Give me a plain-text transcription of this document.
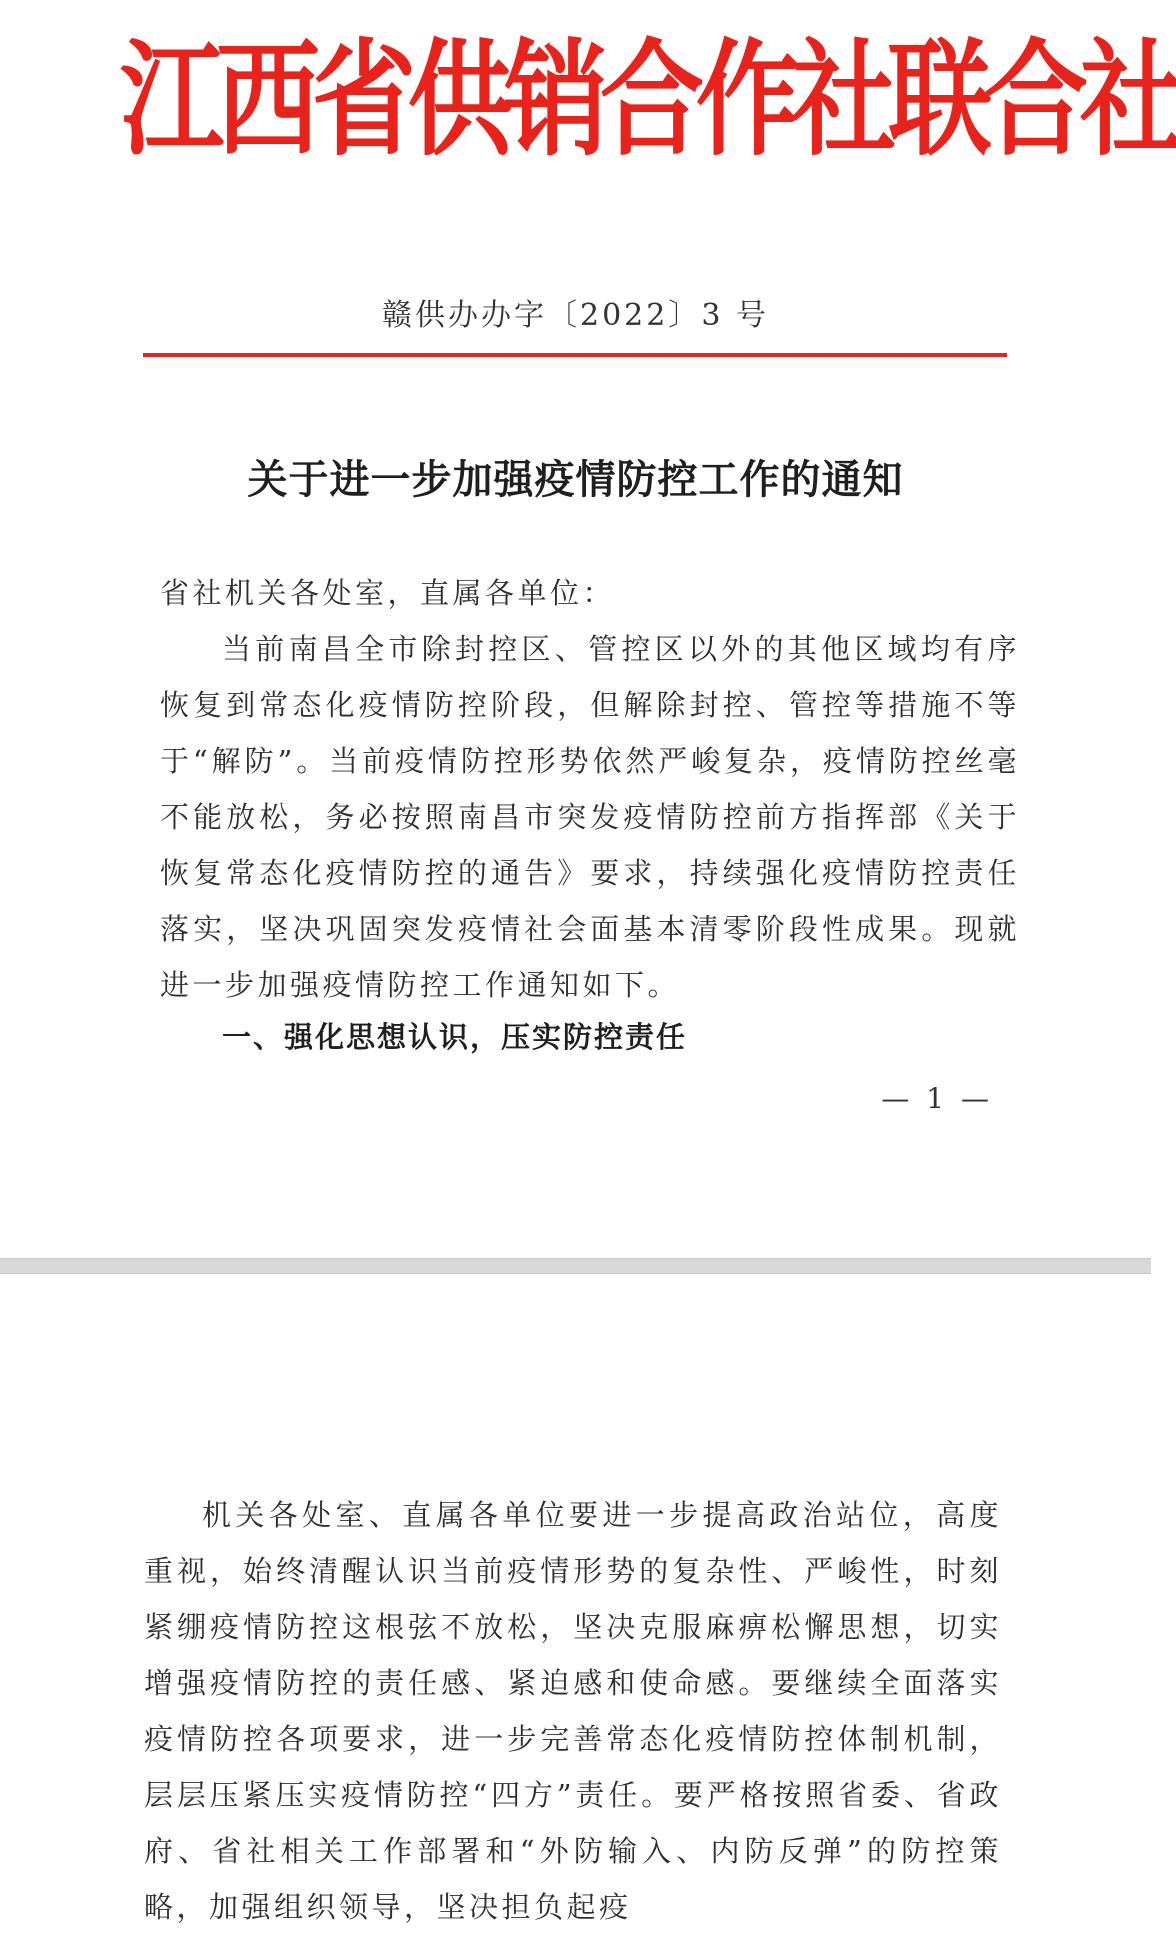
江西省供销合作社联合社
赣供办办字〔2022〕3 号
关于进一步加强疫情防控工作的通知
省社机关各处室，直属各单位：
当前南昌全市除封控区、管控区以外的其他区域均有序恢复到常态化疫情防控阶段，但解除封控、管控等措施不等于“解防”。当前疫情防控形势依然严峻复杂，疫情防控丝毫不能放松，务必按照南昌市突发疫情防控前方指挥部《关于恢复常态化疫情防控的通告》要求，持续强化疫情防控责任落实，坚决巩固突发疫情社会面基本清零阶段性成果。现就进一步加强疫情防控工作通知如下。
一、强化思想认识，压实防控责任
— 1 —
机关各处室、直属各单位要进一步提高政治站位，高度重视，始终清醒认识当前疫情形势的复杂性、严峻性，时刻紧绷疫情防控这根弦不放松，坚决克服麻痹松懈思想，切实增强疫情防控的责任感、紧迫感和使命感。要继续全面落实疫情防控各项要求，进一步完善常态化疫情防控体制机制，层层压紧压实疫情防控“四方”责任。要严格按照省委、省政府、省社相关工作部署和“外防输入、内防反弹”的防控策略，加强组织领导，坚决担负起疫
